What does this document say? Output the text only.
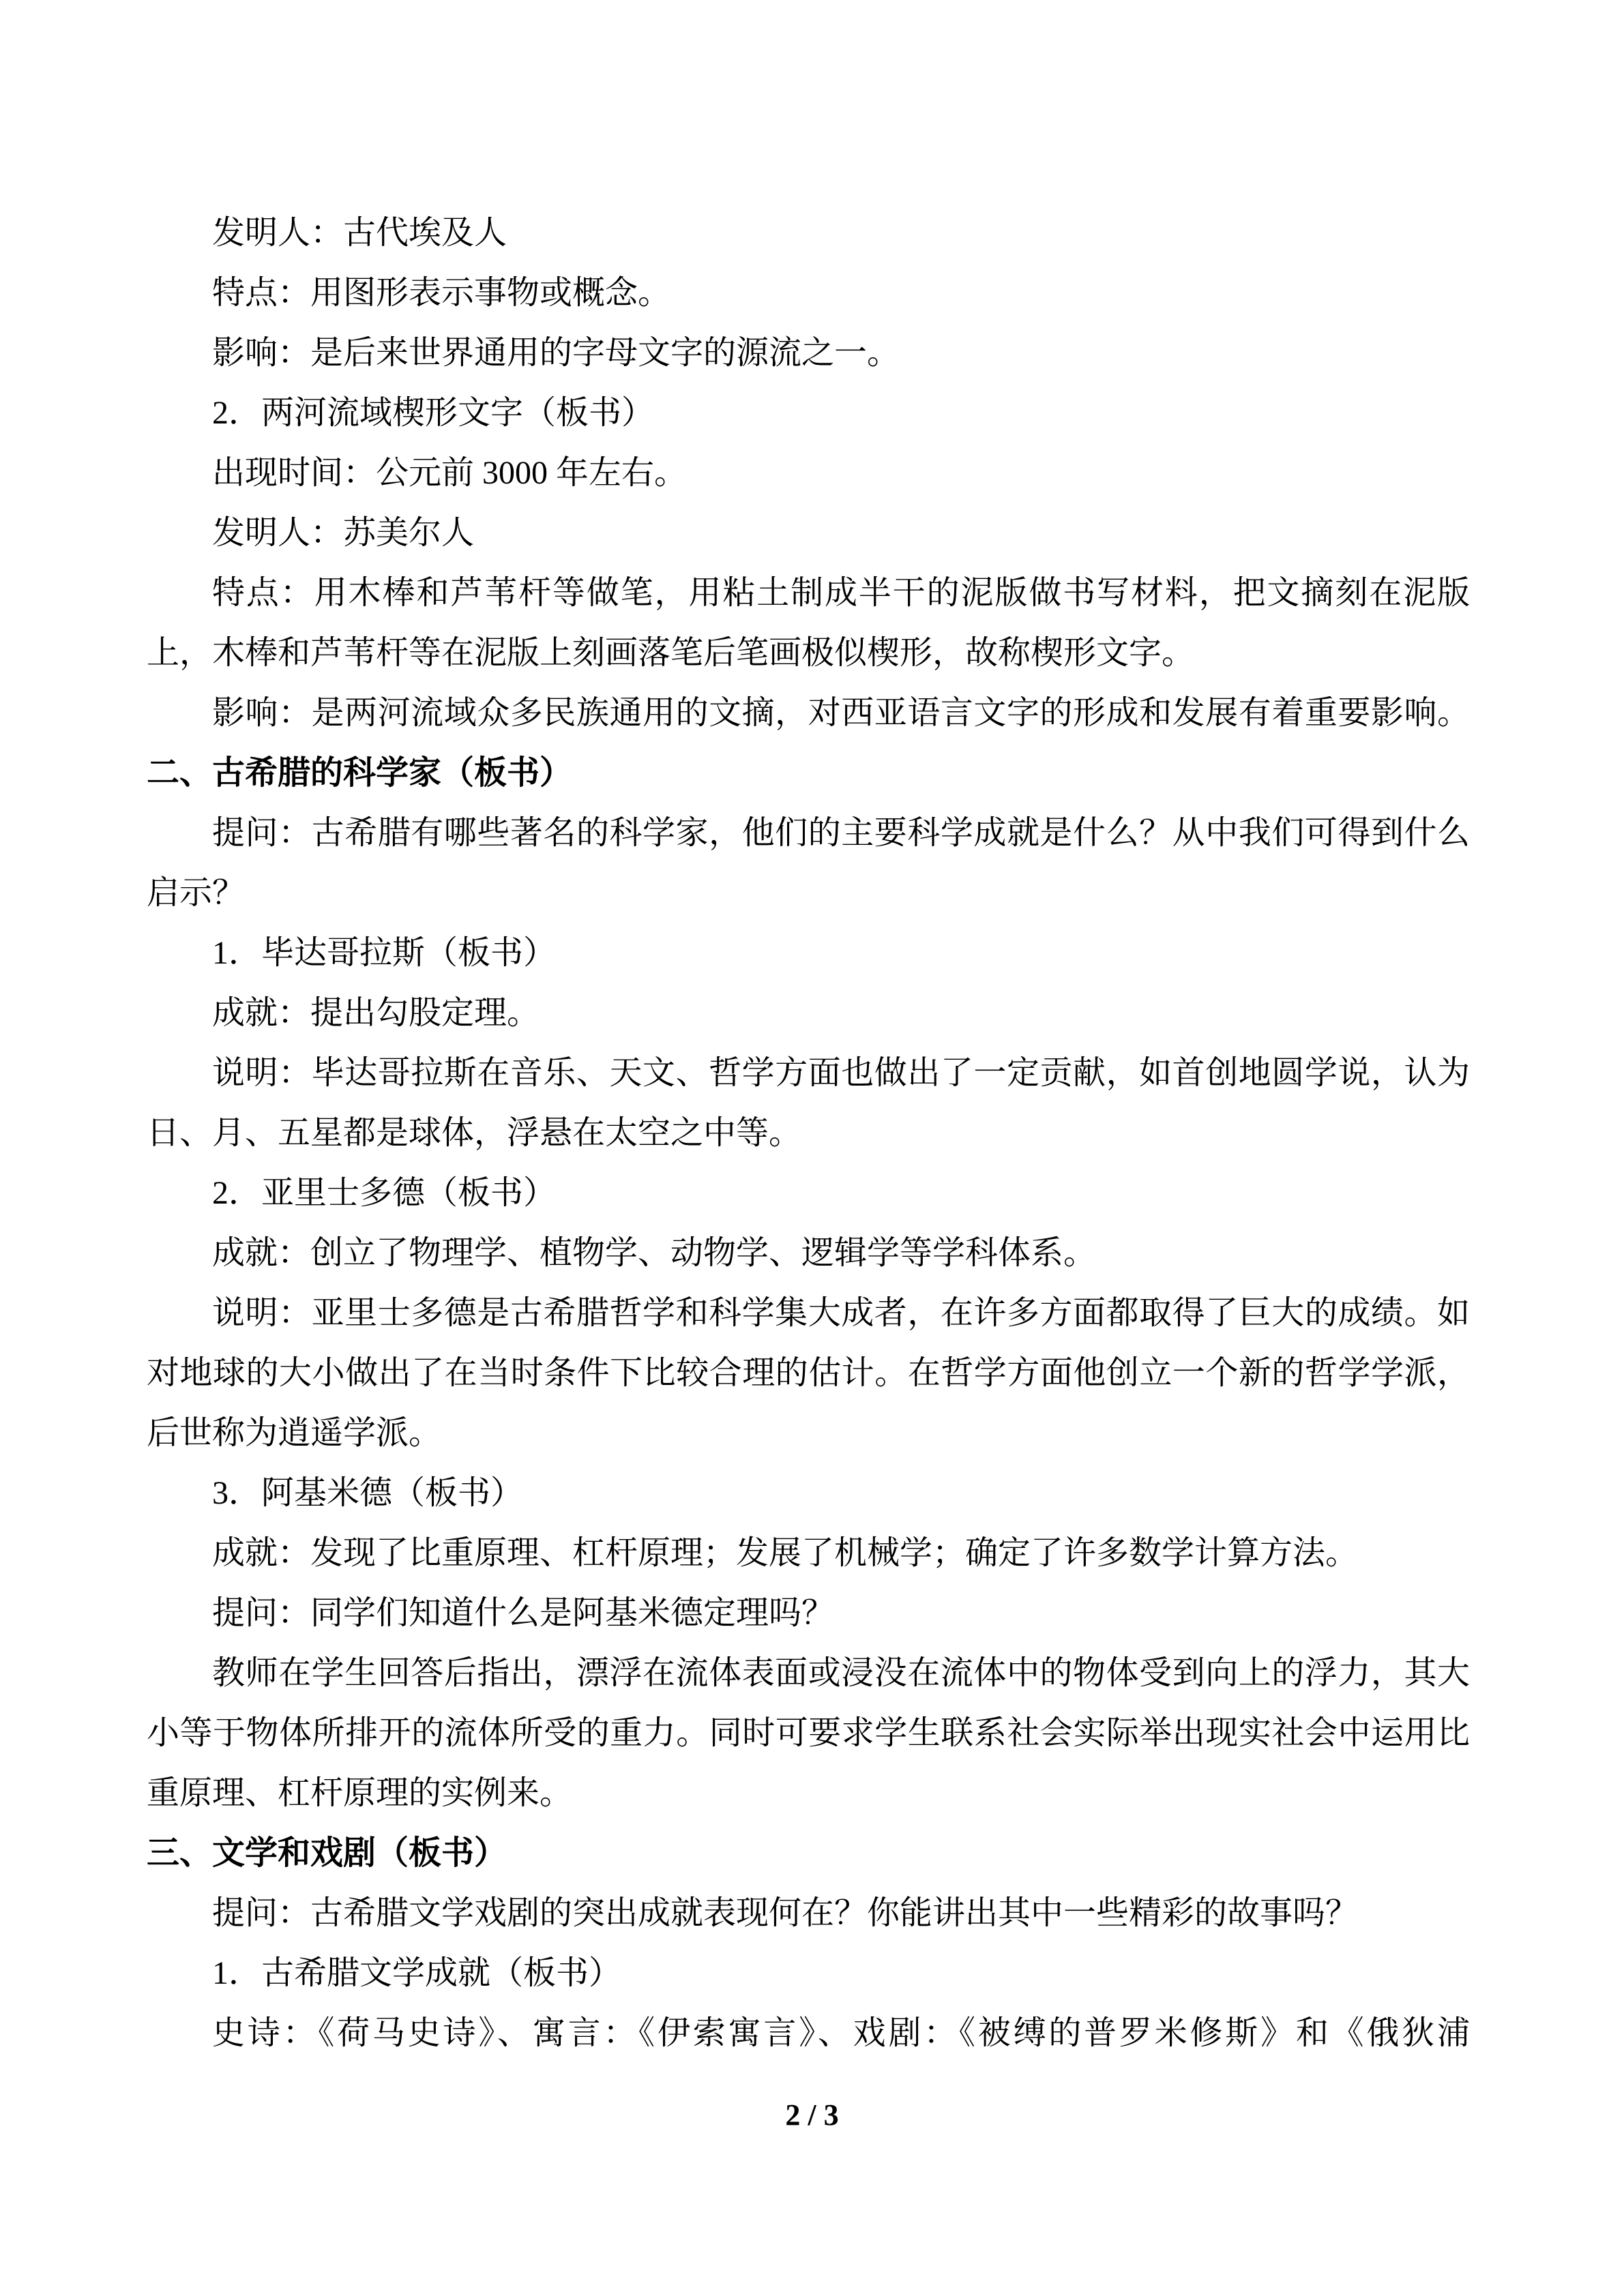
发明人：古代埃及人
特点：用图形表示事物或概念。
影响：是后来世界通用的字母文字的源流之一。
2．两河流域楔形文字（板书）
出现时间：公元前 3000 年左右。
发明人：苏美尔人
特点：用木棒和芦苇杆等做笔，用粘土制成半干的泥版做书写材料，把文摘刻在泥版
上，木棒和芦苇杆等在泥版上刻画落笔后笔画极似楔形，故称楔形文字。
影响：是两河流域众多民族通用的文摘，对西亚语言文字的形成和发展有着重要影响。
二、古希腊的科学家（板书）
提问：古希腊有哪些著名的科学家，他们的主要科学成就是什么？从中我们可得到什么
启示？
1．毕达哥拉斯（板书）
成就：提出勾股定理。
说明：毕达哥拉斯在音乐、天文、哲学方面也做出了一定贡献，如首创地圆学说，认为
日、月、五星都是球体，浮悬在太空之中等。
2．亚里士多德（板书）
成就：创立了物理学、植物学、动物学、逻辑学等学科体系。
说明：亚里士多德是古希腊哲学和科学集大成者，在许多方面都取得了巨大的成绩。如
对地球的大小做出了在当时条件下比较合理的估计。在哲学方面他创立一个新的哲学学派，
后世称为逍遥学派。
3．阿基米德（板书）
成就：发现了比重原理、杠杆原理；发展了机械学；确定了许多数学计算方法。
提问：同学们知道什么是阿基米德定理吗？
教师在学生回答后指出，漂浮在流体表面或浸没在流体中的物体受到向上的浮力，其大
小等于物体所排开的流体所受的重力。同时可要求学生联系社会实际举出现实社会中运用比
重原理、杠杆原理的实例来。
三、文学和戏剧（板书）
提问：古希腊文学戏剧的突出成就表现何在？你能讲出其中一些精彩的故事吗？
1．古希腊文学成就（板书）
史诗：《荷马史诗》、寓言：《伊索寓言》、戏剧：《被缚的普罗米修斯》和《俄狄浦
2 / 3
